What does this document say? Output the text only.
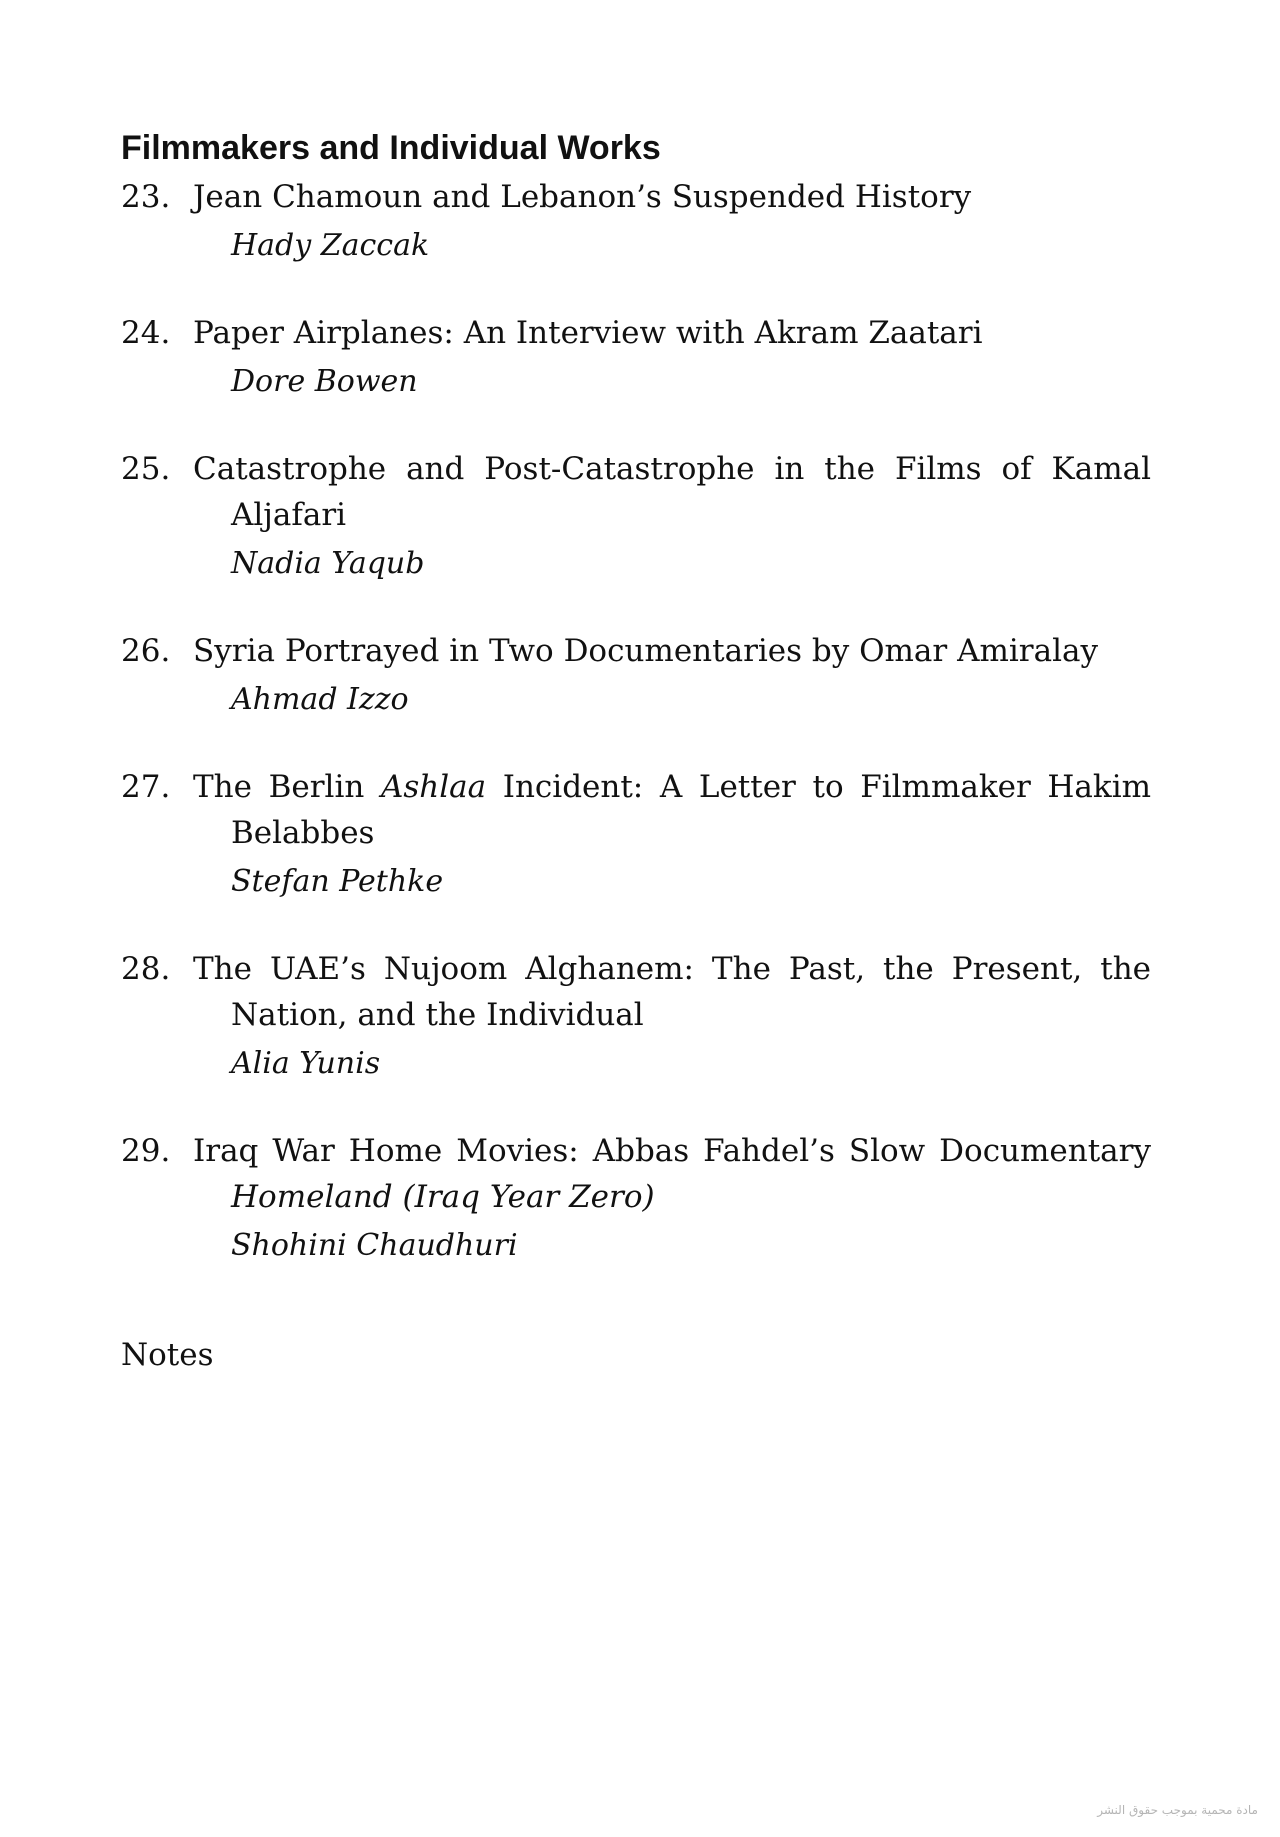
Filmmakers and Individual Works
23. Jean Chamoun and Lebanon’s Suspended History
Hady Zaccak
24. Paper Airplanes: An Interview with Akram Zaatari
Dore Bowen
25. Catastrophe and Post-Catastrophe in the Films of Kamal
Aljafari
Nadia Yaqub
26. Syria Portrayed in Two Documentaries by Omar Amiralay
Ahmad Izzo
27. The Berlin Ashlaa Incident: A Letter to Filmmaker Hakim
Belabbes
Stefan Pethke
28. The UAE’s Nujoom Alghanem: The Past, the Present, the
Nation, and the Individual
Alia Yunis
29. Iraq War Home Movies: Abbas Fahdel’s Slow Documentary
Homeland (Iraq Year Zero)
Shohini Chaudhuri
Notes
مادة محمية بموجب حقوق النشر
